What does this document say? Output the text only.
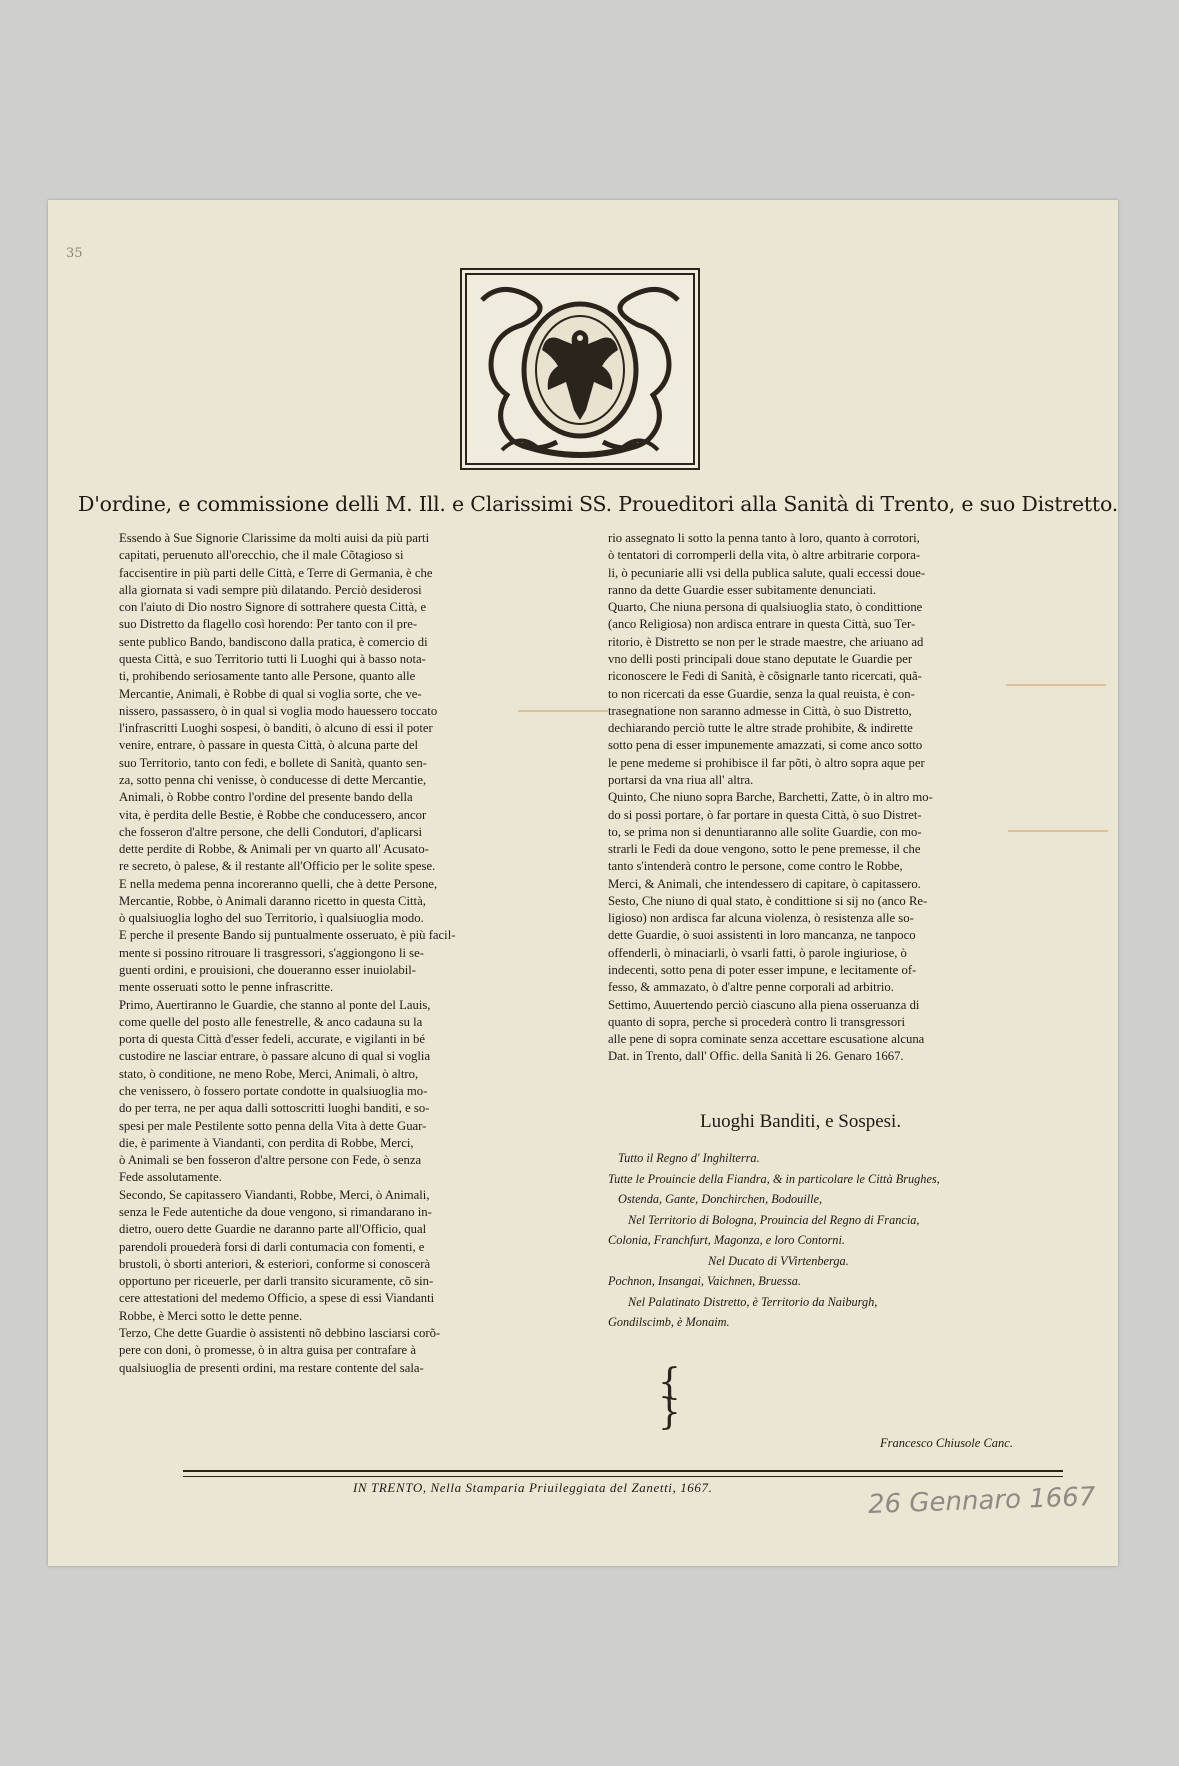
35
D'ordine, e commissione delli M. Ill. e Clarissimi SS. Proueditori alla Sanità di Trento, e suo Distretto.
Essendo à Sue Signorie Clarissime da molti auisi da più parti
capitati, peruenuto all'orecchio, che il male Cõtagioso si
faccisentire in più parti delle Città, e Terre di Germania, è che
alla giornata si vadi sempre più dilatando. Perciò desiderosi
con l'aiuto di Dio nostro Signore di sottrahere questa Città, e
suo Distretto da flagello così horendo: Per tanto con il pre-
sente publico Bando, bandiscono dalla pratica, è comercio di
questa Città, e suo Territorio tutti li Luoghi qui à basso nota-
ti, prohibendo seriosamente tanto alle Persone, quanto alle
Mercantie, Animali, è Robbe di qual si voglia sorte, che ve-
nissero, passassero, ò in qual si voglia modo hauessero toccato
l'infrascritti Luoghi sospesi, ò banditi, ò alcuno di essi il poter
venire, entrare, ò passare in questa Città, ò alcuna parte del
suo Territorio, tanto con fedi, e bollete di Sanità, quanto sen-
za, sotto penna chi venisse, ò conducesse di dette Mercantie,
Animali, ò Robbe contro l'ordine del presente bando della
vita, è perdita delle Bestie, è Robbe che conducessero, ancor
che fosseron d'altre persone, che delli Condutori, d'aplicarsi
dette perdite di Robbe, & Animali per vn quarto all' Acusato-
re secreto, ò palese, & il restante all'Officio per le solite spese.
E nella medema penna incoreranno quelli, che à dette Persone,
Mercantie, Robbe, ò Animali daranno ricetto in questa Città,
ò qualsiuoglia logho del suo Territorio, ì qualsiuoglia modo.
E perche il presente Bando sij puntualmente osseruato, è più facil-
mente si possino ritrouare li trasgressori, s'aggiongono li se-
guenti ordini, e prouisioni, che doueranno esser inuiolabil-
mente osseruati sotto le penne infrascritte.
Primo, Auertiranno le Guardie, che stanno al ponte del Lauis,
come quelle del posto alle fenestrelle, & anco cadauna su la
porta di questa Città d'esser fedeli, accurate, e vigilanti in bé
custodire ne lasciar entrare, ò passare alcuno di qual si voglia
stato, ò conditione, ne meno Robe, Merci, Animali, ò altro,
che venissero, ò fossero portate condotte in qualsiuoglia mo-
do per terra, ne per aqua dalli sottoscritti luoghi banditi, e so-
spesi per male Pestilente sotto penna della Vita à dette Guar-
die, è parimente à Viandanti, con perdita di Robbe, Merci,
ò Animali se ben fosseron d'altre persone con Fede, ò senza
Fede assolutamente.
Secondo, Se capitassero Viandanti, Robbe, Merci, ò Animali,
senza le Fede autentiche da doue vengono, si rimandarano in-
dietro, ouero dette Guardie ne daranno parte all'Officio, qual
parendoli prouederà forsi di darli contumacia con fomenti, e
brustoli, ò sborti anteriori, & esteriori, conforme si conoscerà
opportuno per riceuerle, per darli transito sicuramente, cõ sin-
cere attestationi del medemo Officio, a spese di essi Viandanti
Robbe, è Merci sotto le dette penne.
Terzo, Che dette Guardie ò assistenti nõ debbino lasciarsi corõ-
pere con doni, ò promesse, ò in altra guisa per contrafare à
qualsiuoglia de presenti ordini, ma restare contente del sala-
rio assegnato li sotto la penna tanto à loro, quanto à corrotori,
ò tentatori di corromperli della vita, ò altre arbitrarie corpora-
li, ò pecuniarie alli vsi della publica salute, quali eccessi doue-
ranno da dette Guardie esser subitamente denunciati.
Quarto, Che niuna persona di qualsiuoglia stato, ò condittione
(anco Religiosa) non ardisca entrare in questa Città, suo Ter-
ritorio, è Distretto se non per le strade maestre, che ariuano ad
vno delli posti principali doue stano deputate le Guardie per
riconoscere le Fedi di Sanità, è cõsignarle tanto ricercati, quã-
to non ricercati da esse Guardie, senza la qual reuista, è con-
trasegnatione non saranno admesse in Città, ò suo Distretto,
dechiarando perciò tutte le altre strade prohibite, & indirette
sotto pena di esser impunemente amazzati, si come anco sotto
le pene medeme si prohibisce il far põti, ò altro sopra aque per
portarsi da vna riua all' altra.
Quinto, Che niuno sopra Barche, Barchetti, Zatte, ò in altro mo-
do si possi portare, ò far portare in questa Città, ò suo Distret-
to, se prima non si denuntiaranno alle solite Guardie, con mo-
strarli le Fedi da doue vengono, sotto le pene premesse, il che
tanto s'intenderà contro le persone, come contro le Robbe,
Merci, & Animali, che intendessero di capitare, ò capitassero.
Sesto, Che niuno di qual stato, è condittione si sij no (anco Re-
ligioso) non ardisca far alcuna violenza, ò resistenza alle so-
dette Guardie, ò suoi assistenti in loro mancanza, ne tanpoco
offenderli, ò minaciarli, ò vsarli fatti, ò parole ingiuriose, ò
indecenti, sotto pena di poter esser impune, e lecitamente of-
fesso, & ammazato, ò d'altre penne corporali ad arbitrio.
Settimo, Auuertendo perciò ciascuno alla piena osseruanza di
quanto di sopra, perche si procederà contro li transgressori
alle pene di sopra cominate senza accettare escusatione alcuna
Dat. in Trento, dall' Offic. della Sanità li 26. Genaro 1667.
Luoghi Banditi, e Sospesi.
Tutto il Regno d' Inghilterra.
Tutte le Prouincie della Fiandra, & in particolare le Città Brughes,
Ostenda, Gante, Donchirchen, Bodouille,
Nel Territorio di Bologna, Prouincia del Regno di Francia,
Colonia, Franchfurt, Magonza, e loro Contorni.
Nel Ducato di VVirtenberga.
Pochnon, Insangai, Vaichnen, Bruessa.
Nel Palatinato Distretto, è Territorio da Naiburgh,
Gondilscimb, è Monaim.
{
}
Francesco Chiusole Canc.
IN TRENTO, Nella Stamparia Priuileggiata del Zanetti, 1667.	26 Gennaro 1667
